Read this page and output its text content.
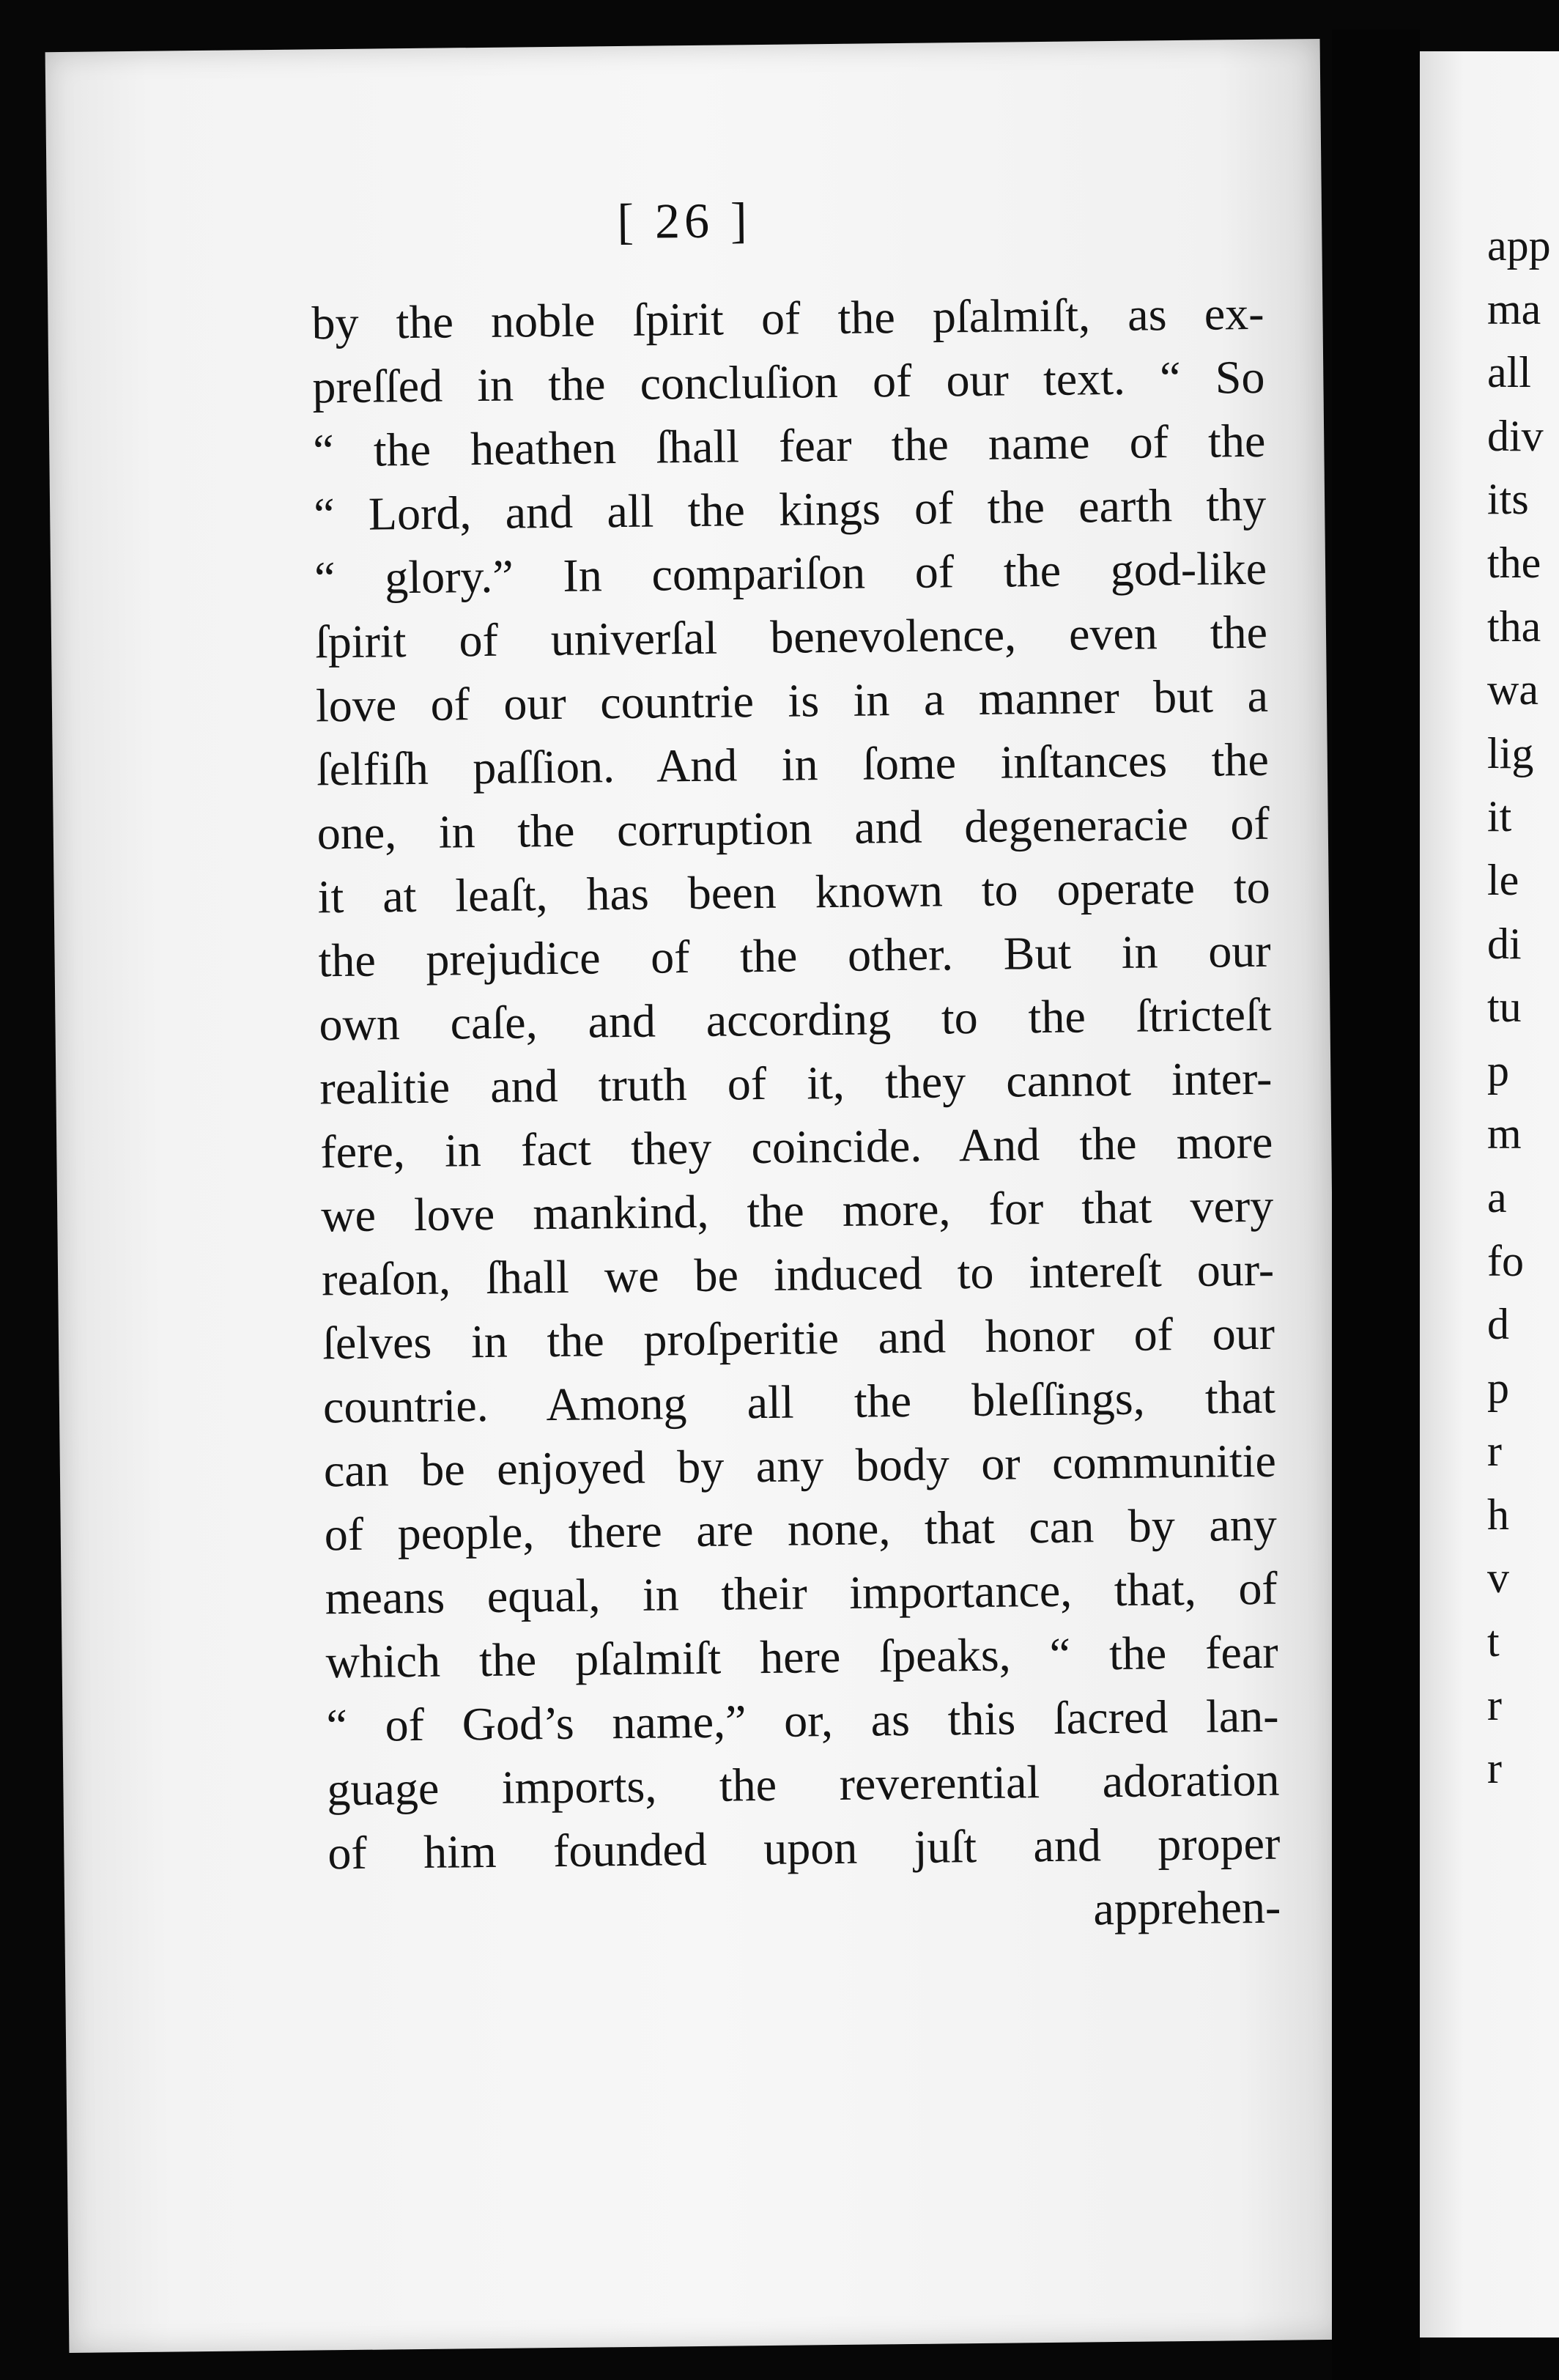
[ 26 ]
by the noble ſpirit of the pſalmiſt, as ex-
preſſed in the concluſion of our text. “ So
“ the heathen ſhall fear the name of the
“ Lord, and all the kings of the earth thy
“ glory.” In compariſon of the god-like
ſpirit of univerſal benevolence, even the
love of our countrie is in a manner but a
ſelfiſh paſſion. And in ſome inſtances the
one, in the corruption and degeneracie of
it at leaſt, has been known to operate to
the prejudice of the other. But in our
own caſe, and according to the ſtricteſt
realitie and truth of it, they cannot inter-
fere, in fact they coincide. And the more
we love mankind, the more, for that very
reaſon, ſhall we be induced to intereſt our-
ſelves in the proſperitie and honor of our
countrie. Among all the bleſſings, that
can be enjoyed by any body or communitie
of people, there are none, that can by any
means equal, in their importance, that, of
which the pſalmiſt here ſpeaks, “ the fear
“ of God’s name,” or, as this ſacred lan-
guage imports, the reverential adoration
of him founded upon juſt and proper
apprehen-
app
ma
all
div
its
the
tha
wa
lig
it
le
di
tu
p
m
a
fo
d
p
r
h
v
t
r
r
